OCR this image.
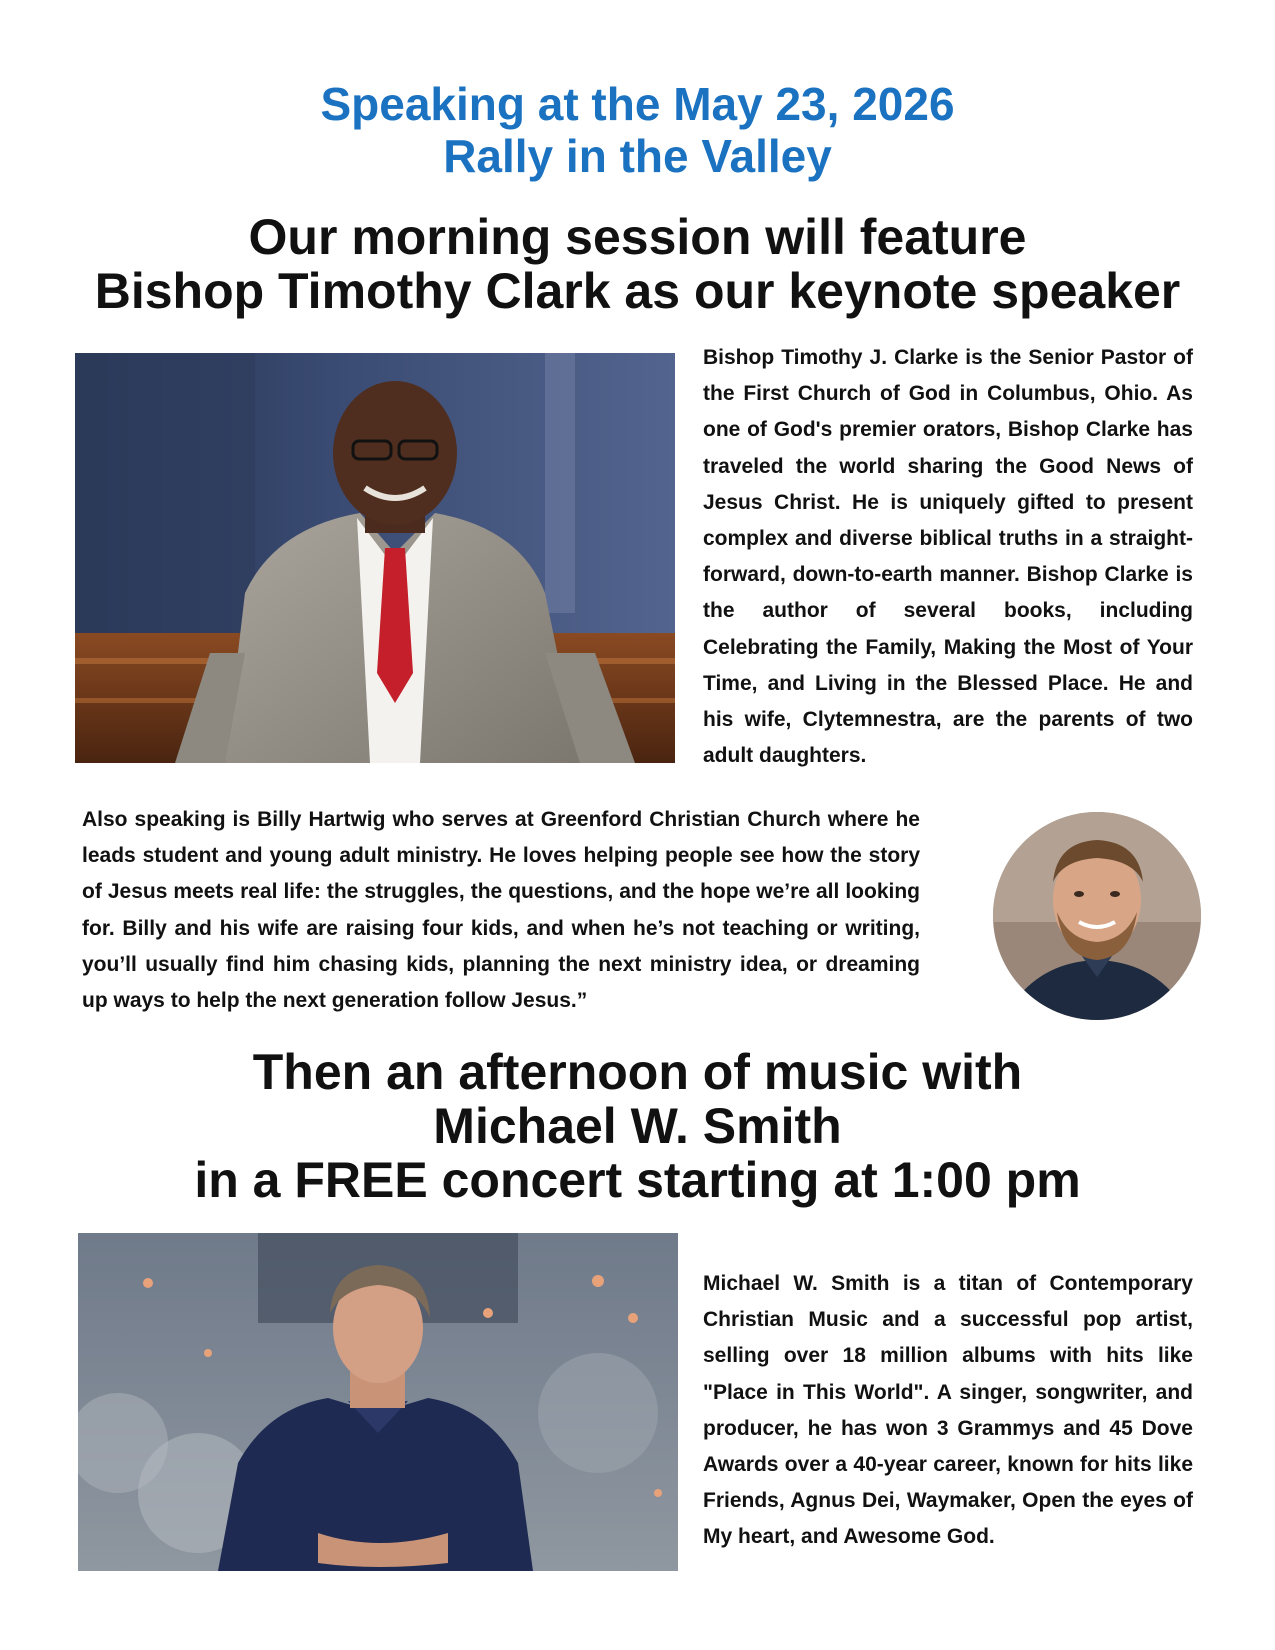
Speaking at the May 23, 2026
Rally in the Valley
Our morning session will feature
Bishop Timothy Clark as our keynote speaker

Bishop Timothy J. Clarke is the Senior Pastor of the First Church of God in Columbus, Ohio. As one of God's premier orators, Bishop Clarke has traveled the world sharing the Good News of Jesus Christ. He is uniquely gifted to present complex and diverse biblical truths in a straight-forward, down-to-earth manner. Bishop Clarke is the author of several books, including Celebrating the Family, Making the Most of Your Time, and Living in the Blessed Place. He and his wife, Clytemnestra, are the parents of two adult daughters.

Also speaking is Billy Hartwig who serves at Greenford Christian Church where he leads student and young adult ministry. He loves helping people see how the story of Jesus meets real life: the struggles, the questions, and the hope we’re all looking for. Billy and his wife are raising four kids, and when he’s not teaching or writing, you’ll usually find him chasing kids, planning the next ministry idea, or dreaming up ways to help the next generation follow Jesus.”

Then an afternoon of music with
Michael W. Smith
in a FREE concert starting at 1:00 pm

Michael W. Smith is a titan of Contemporary Christian Music and a successful pop artist, selling over 18 million albums with hits like "Place in This World". A singer, songwriter, and producer, he has won 3 Grammys and 45 Dove Awards over a 40-year career, known for hits like Friends, Agnus Dei, Waymaker, Open the eyes of My heart, and Awesome God.
